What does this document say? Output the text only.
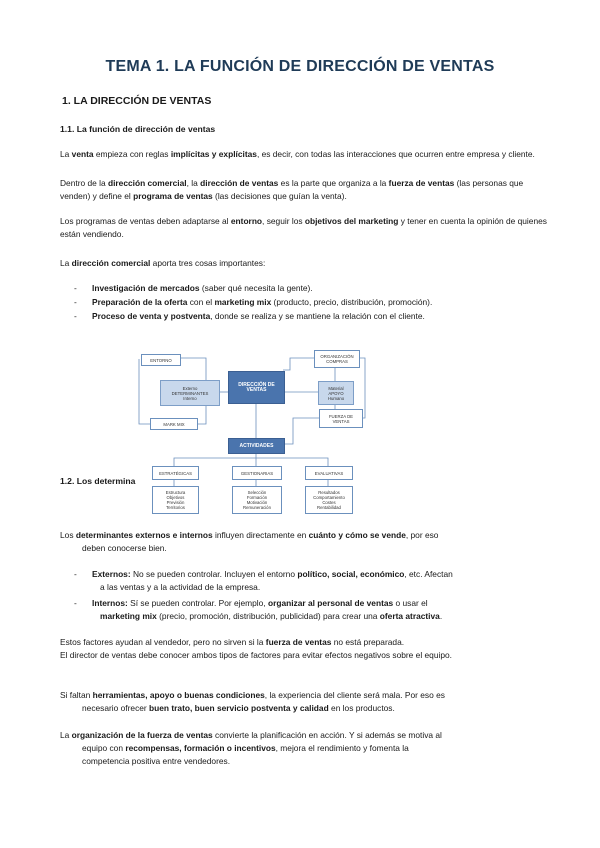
TEMA 1. LA FUNCIÓN DE DIRECCIÓN DE VENTAS
1. LA DIRECCIÓN DE VENTAS
1.1. La función de dirección de ventas
La venta empieza con reglas implícitas y explícitas, es decir, con todas las interacciones que ocurren entre empresa y cliente.
Dentro de la dirección comercial, la dirección de ventas es la parte que organiza a la fuerza de ventas (las personas que venden) y define el programa de ventas (las decisiones que guían la venta).
Los programas de ventas deben adaptarse al entorno, seguir los objetivos del marketing y tener en cuenta la opinión de quienes están vendiendo.
La dirección comercial aporta tres cosas importantes:
- Investigación de mercados (saber qué necesita la gente).
- Preparación de la oferta con el marketing mix (producto, precio, distribución, promoción).
- Proceso de venta y postventa, donde se realiza y se mantiene la relación con el cliente.
1.2. Los determina
ENTORNO
Externo
DETERMINANTES
Interno
MARK MIX
DIRECCIÓN DE
VENTAS
ORGANIZACIÓN
COMPRAS
Material
APOYO
Humano
FUERZA DE
VENTAS
ACTIVIDADES
ESTRATÉGICAS	GESTIONARIAS	EVALUATIVAS
Estructura
Objetivos
Previsión
Territorios
Selección
Formación
Motivación
Remuneración
Resultados
Comportamiento
Costes
Rentabilidad
Los determinantes externos e internos influyen directamente en cuánto y cómo se vende, por eso
deben conocerse bien.
- Externos: No se pueden controlar. Incluyen el entorno político, social, económico, etc. Afectan
a las ventas y a la actividad de la empresa.
- Internos: Sí se pueden controlar. Por ejemplo, organizar al personal de ventas o usar el
marketing mix (precio, promoción, distribución, publicidad) para crear una oferta atractiva.
Estos factores ayudan al vendedor, pero no sirven si la fuerza de ventas no está preparada.
El director de ventas debe conocer ambos tipos de factores para evitar efectos negativos sobre el equipo.
Si faltan herramientas, apoyo o buenas condiciones, la experiencia del cliente será mala. Por eso es
necesario ofrecer buen trato, buen servicio postventa y calidad en los productos.
La organización de la fuerza de ventas convierte la planificación en acción. Y si además se motiva al
equipo con recompensas, formación o incentivos, mejora el rendimiento y fomenta la
competencia positiva entre vendedores.
